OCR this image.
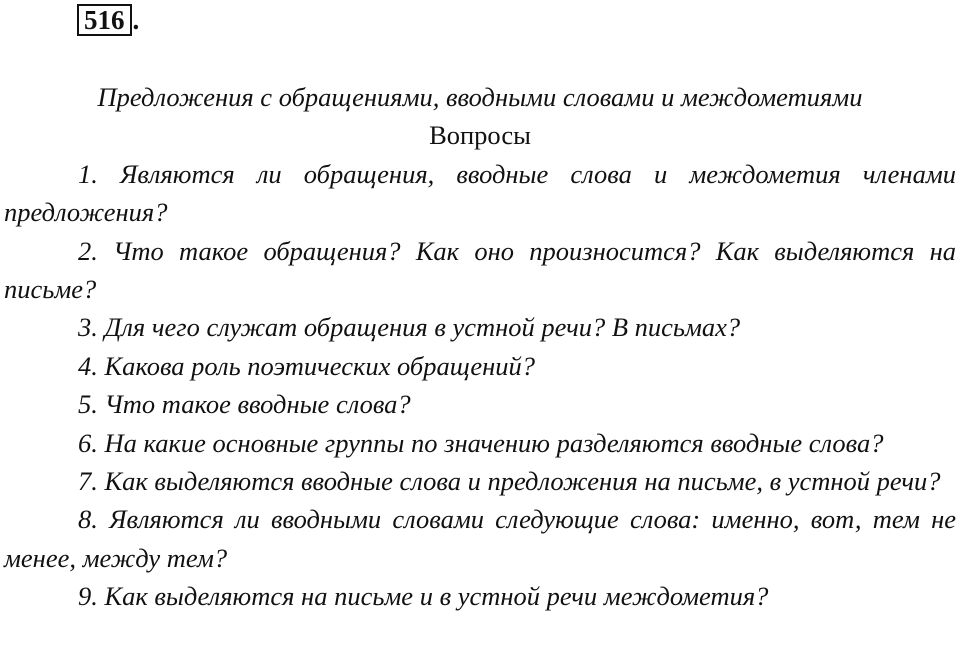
516 .

Предложения с обращениями, вводными словами и междометиями

Вопросы

1. Являются ли обращения, вводные слова и междометия членами предложения?

2. Что такое обращения? Как оно произносится? Как выделяются на письме?

3. Для чего служат обращения в устной речи? В письмах?

4. Какова роль поэтических обращений?

5. Что такое вводные слова?

6. На какие основные группы по значению разделяются вводные слова?

7. Как выделяются вводные слова и предложения на письме, в устной речи?

8. Являются ли вводными словами следующие слова: именно, вот, тем не менее, между тем?

9. Как выделяются на письме и в устной речи междометия?
